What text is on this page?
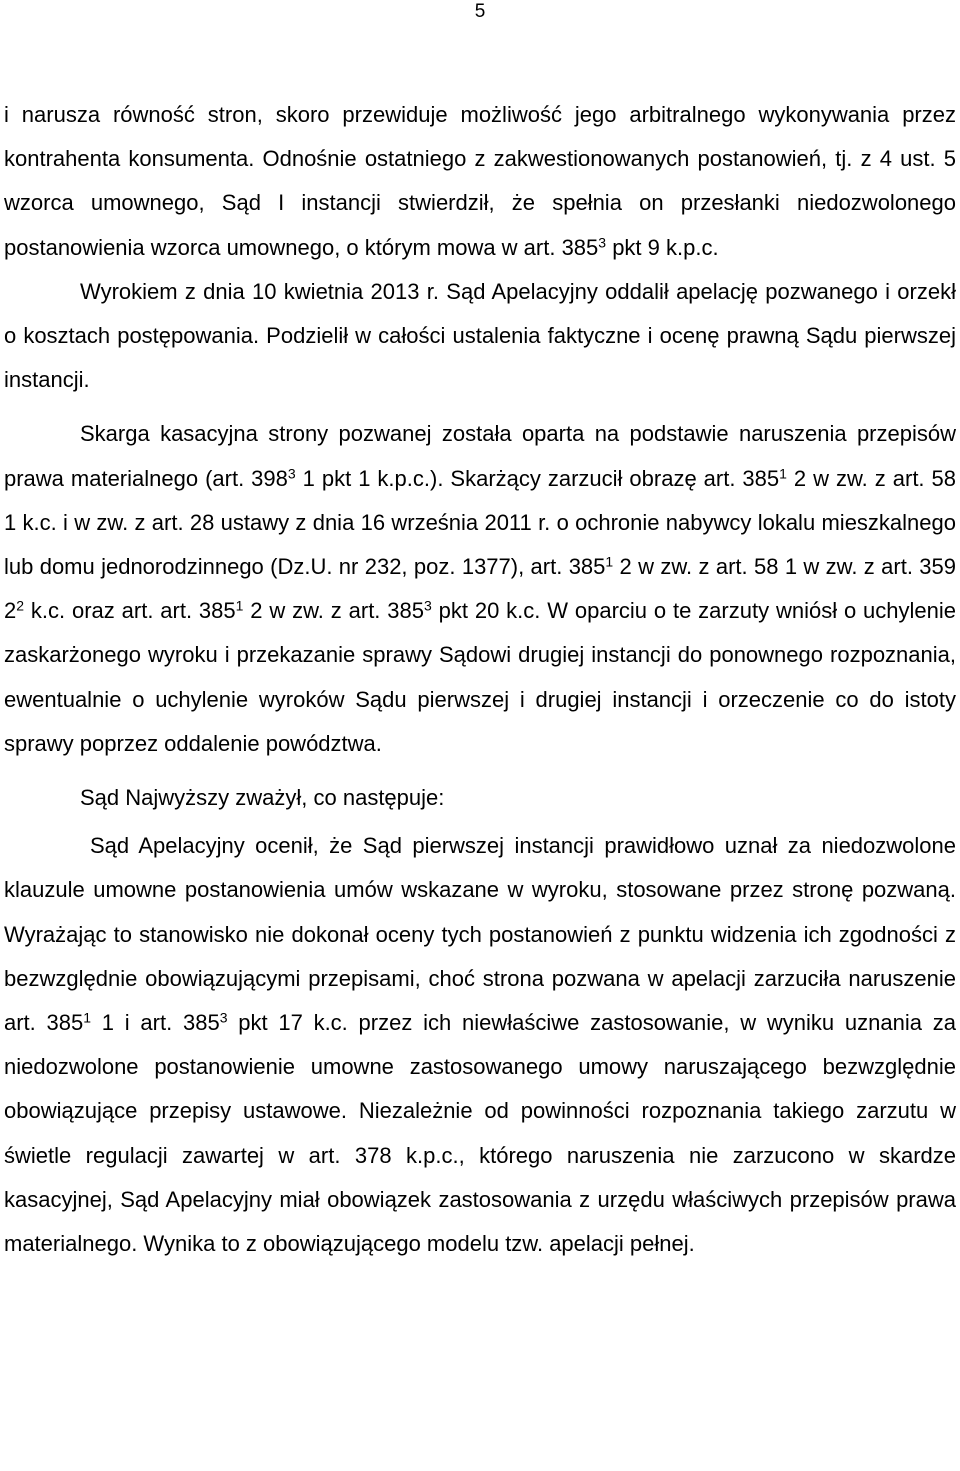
5

i narusza równość stron, skoro przewiduje możliwość jego arbitralnego wykonywania przez kontrahenta konsumenta. Odnośnie ostatniego z zakwestionowanych postanowień, tj. z 4 ust. 5 wzorca umownego, Sąd I instancji stwierdził, że spełnia on przesłanki niedozwolonego postanowienia wzorca umownego, o którym mowa w art. $385^3$ pkt 9 k.p.c.

Wyrokiem z dnia 10 kwietnia 2013 r. Sąd Apelacyjny oddalił apelację pozwanego i orzekł o kosztach postępowania. Podzielił w całości ustalenia faktyczne i ocenę prawną Sądu pierwszej instancji.

Skarga kasacyjna strony pozwanej została oparta na podstawie naruszenia przepisów prawa materialnego (art. $398^3$ 1 pkt 1 k.p.c.). Skarżący zarzucił obrazę art. $385^1$ 2 w zw. z art. 58 1 k.c. i w zw. z art. 28 ustawy z dnia 16 września 2011 r. o ochronie nabywcy lokalu mieszkalnego lub domu jednorodzinnego (Dz.U. nr 232, poz. 1377), art. $385^1$ 2 w zw. z art. 58 1 w zw. z art. 359 $2^2$ k.c. oraz art. art. $385^1$ 2 w zw. z art. $385^3$ pkt 20 k.c. W oparciu o te zarzuty wniósł o uchylenie zaskarżonego wyroku i przekazanie sprawy Sądowi drugiej instancji do ponownego rozpoznania, ewentualnie o uchylenie wyroków Sądu pierwszej i drugiej instancji i orzeczenie co do istoty sprawy poprzez oddalenie powództwa.

Sąd Najwyższy zważył, co następuje:

Sąd Apelacyjny ocenił, że Sąd pierwszej instancji prawidłowo uznał za niedozwolone klauzule umowne postanowienia umów wskazane w wyroku, stosowane przez stronę pozwaną. Wyrażając to stanowisko nie dokonał oceny tych postanowień z punktu widzenia ich zgodności z bezwzględnie obowiązującymi przepisami, choć strona pozwana w apelacji zarzuciła naruszenie art. $385^1$ 1 i art. $385^3$ pkt 17 k.c. przez ich niewłaściwe zastosowanie, w wyniku uznania za niedozwolone postanowienie umowne zastosowanego umowy naruszającego bezwzględnie obowiązujące przepisy ustawowe. Niezależnie od powinności rozpoznania takiego zarzutu w świetle regulacji zawartej w art. 378 k.p.c., którego naruszenia nie zarzucono w skardze kasacyjnej, Sąd Apelacyjny miał obowiązek zastosowania z urzędu właściwych przepisów prawa materialnego. Wynika to z obowiązującego modelu tzw. apelacji pełnej.
